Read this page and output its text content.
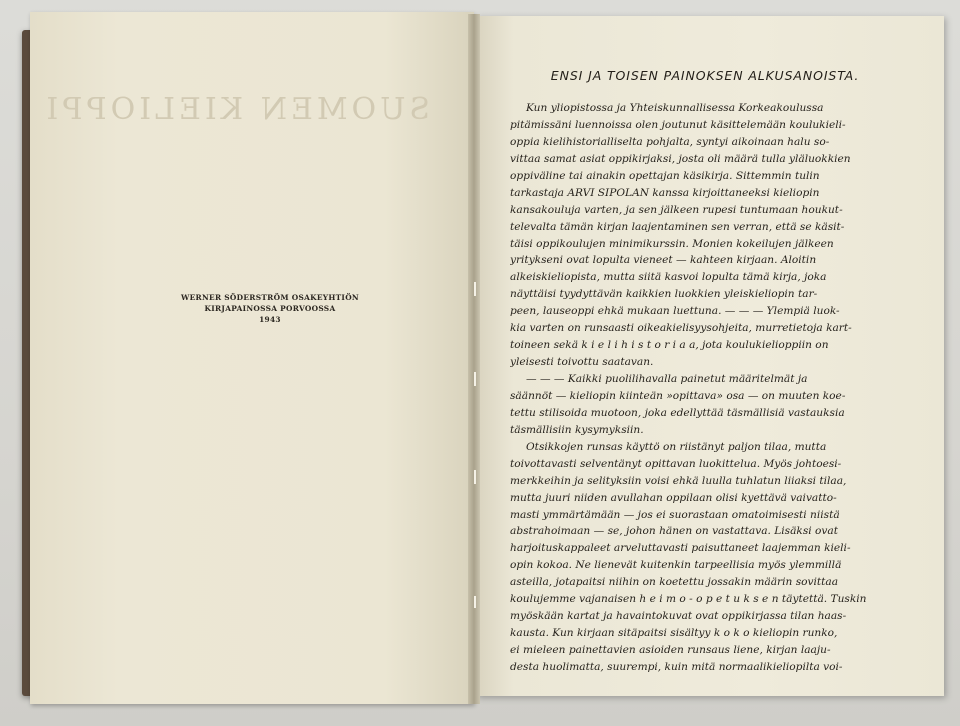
SUOMEN KIELIOPPI
WERNER SÖDERSTRÖM OSAKEYHTIÖN
KIRJAPAINOSSA PORVOOSSA
1943
ENSI JA TOISEN PAINOKSEN ALKUSANOISTA.
Kun yliopistossa ja Yhteiskunnallisessa Korkeakoulussa
pitämissäni luennoissa olen joutunut käsittelemään koulukieli-
oppia kielihistorialliselta pohjalta, syntyi aikoinaan halu so-
vittaa samat asiat oppikirjaksi, josta oli määrä tulla yläluokkien
oppiväline tai ainakin opettajan käsikirja. Sittemmin tulin
tarkastaja ARVI SIPOLAN kanssa kirjoittaneeksi kieliopin
kansakouluja varten, ja sen jälkeen rupesi tuntumaan houkut-
televalta tämän kirjan laajentaminen sen verran, että se käsit-
täisi oppikoulujen minimikurssin. Monien kokeilujen jälkeen
yritykseni ovat lopulta vieneet — kahteen kirjaan. Aloitin
alkeiskieliopista, mutta siitä kasvoi lopulta tämä kirja, joka
näyttäisi tyydyttävän kaikkien luokkien yleiskieliopin tar-
peen, lauseoppi ehkä mukaan luettuna. — — — Ylempiä luok-
kia varten on runsaasti oikeakielisyysohjeita, murretietoja kart-
toineen sekä k i e l i h i s t o r i a a, jota koulukielioppiin on
yleisesti toivottu saatavan.
— — — Kaikki puolilihavalla painetut määritelmät ja
säännöt — kieliopin kiinteän »opittava» osa — on muuten koe-
tettu stilisoida muotoon, joka edellyttää täsmällisiä vastauksia
täsmällisiin kysymyksiin.
Otsikkojen runsas käyttö on riistänyt paljon tilaa, mutta
toivottavasti selventänyt opittavan luokittelua. Myös johtoesi-
merkkeihin ja selityksiin voisi ehkä luulla tuhlatun liiaksi tilaa,
mutta juuri niiden avullahan oppilaan olisi kyettävä vaivatto-
masti ymmärtämään — jos ei suorastaan omatoimisesti niistä
abstrahoimaan — se, johon hänen on vastattava. Lisäksi ovat
harjoituskappaleet arveluttavasti paisuttaneet laajemman kieli-
opin kokoa. Ne lienevät kuitenkin tarpeellisia myös ylemmillä
asteilla, jotapaitsi niihin on koetettu jossakin määrin sovittaa
koulujemme vajanaisen h e i m o - o p e t u k s e n täytettä. Tuskin
myöskään kartat ja havaintokuvat ovat oppikirjassa tilan haas-
kausta. Kun kirjaan sitäpaitsi sisältyy k o k o kieliopin runko,
ei mieleen painettavien asioiden runsaus liene, kirjan laaju-
desta huolimatta, suurempi, kuin mitä normaalikieliopilta voi-
